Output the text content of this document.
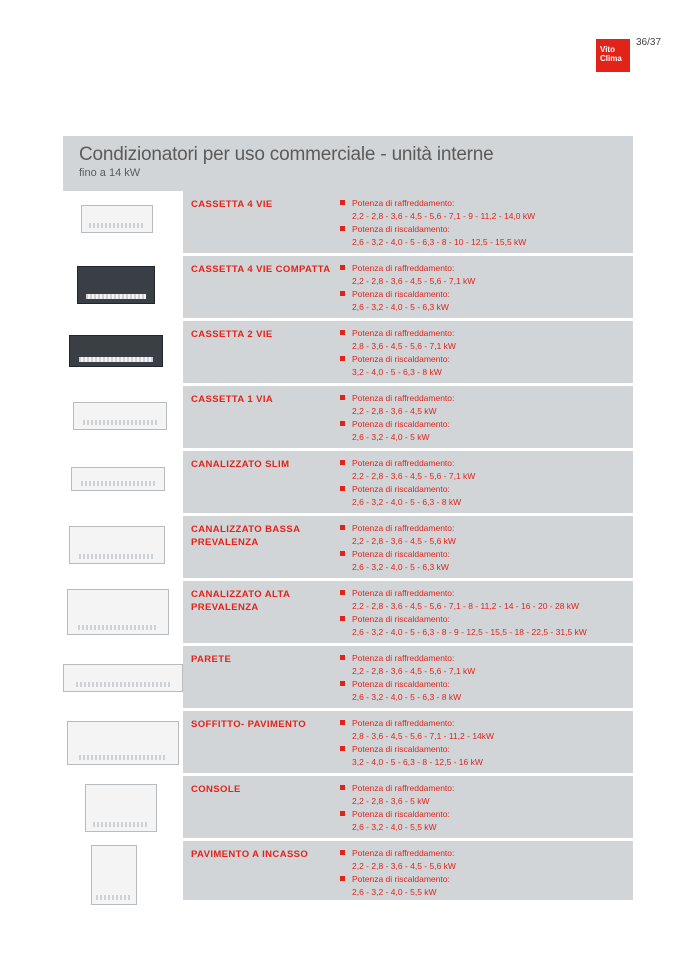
36/37
Vito
Clima
Condizionatori per uso commerciale - unità interne
fino a 14 kW
CASSETTA 4 VIE	Potenza di raffreddamento:
2,2 - 2,8 - 3,6 - 4,5 - 5,6 - 7,1 - 9 - 11,2 - 14,0 kW
Potenza di riscaldamento:
2,6 - 3,2 - 4,0 - 5 - 6,3 - 8 - 10 - 12,5 - 15,5 kW
CASSETTA 4 VIE COMPATTA	Potenza di raffreddamento:
2,2 - 2,8 - 3,6 - 4,5 - 5,6 - 7,1 kW
Potenza di riscaldamento:
2,6 - 3,2 - 4,0 - 5 - 6,3 kW
CASSETTA 2 VIE	Potenza di raffreddamento:
2,8 - 3,6 - 4,5 - 5,6 - 7,1 kW
Potenza di riscaldamento:
3,2 - 4,0 - 5 - 6,3 - 8 kW
CASSETTA 1 VIA	Potenza di raffreddamento:
2,2 - 2,8 - 3,6 - 4,5 kW
Potenza di riscaldamento:
2,6 - 3,2 - 4,0 - 5 kW
CANALIZZATO SLIM	Potenza di raffreddamento:
2,2 - 2,8 - 3,6 - 4,5 - 5,6 - 7,1 kW
Potenza di riscaldamento:
2,6 - 3,2 - 4,0 - 5 - 6,3 - 8 kW
CANALIZZATO BASSA PREVALENZA
Potenza di raffreddamento:
2,2 - 2,8 - 3,6 - 4,5 - 5,6 kW
Potenza di riscaldamento:
2,6 - 3,2 - 4,0 - 5 - 6,3 kW
CANALIZZATO ALTA PREVALENZA
Potenza di raffreddamento:
2,2 - 2,8 - 3,6 - 4,5 - 5,6 - 7,1 - 8 - 11,2 - 14 - 16 - 20 - 28 kW
Potenza di riscaldamento:
2,6 - 3,2 - 4,0 - 5 - 6,3 - 8 - 9 - 12,5 - 15,5 - 18 - 22,5 - 31,5 kW
PARETE	Potenza di raffreddamento:
2,2 - 2,8 - 3,6 - 4,5 - 5,6 - 7,1 kW
Potenza di riscaldamento:
2,6 - 3,2 - 4,0 - 5 - 6,3 - 8 kW
SOFFITTO- PAVIMENTO	Potenza di raffreddamento:
2,8 - 3,6 - 4,5 - 5,6 - 7,1 - 11,2 - 14kW
Potenza di riscaldamento:
3,2 - 4,0 - 5 - 6,3 - 8 - 12,5 - 16 kW
CONSOLE	Potenza di raffreddamento:
2,2 - 2,8 - 3,6 - 5 kW
Potenza di riscaldamento:
2,6 - 3,2 - 4,0 - 5,5 kW
PAVIMENTO A INCASSO	Potenza di raffreddamento:
2,2 - 2,8 - 3,6 - 4,5 - 5,6 kW
Potenza di riscaldamento:
2,6 - 3,2 - 4,0 - 5,5 kW
